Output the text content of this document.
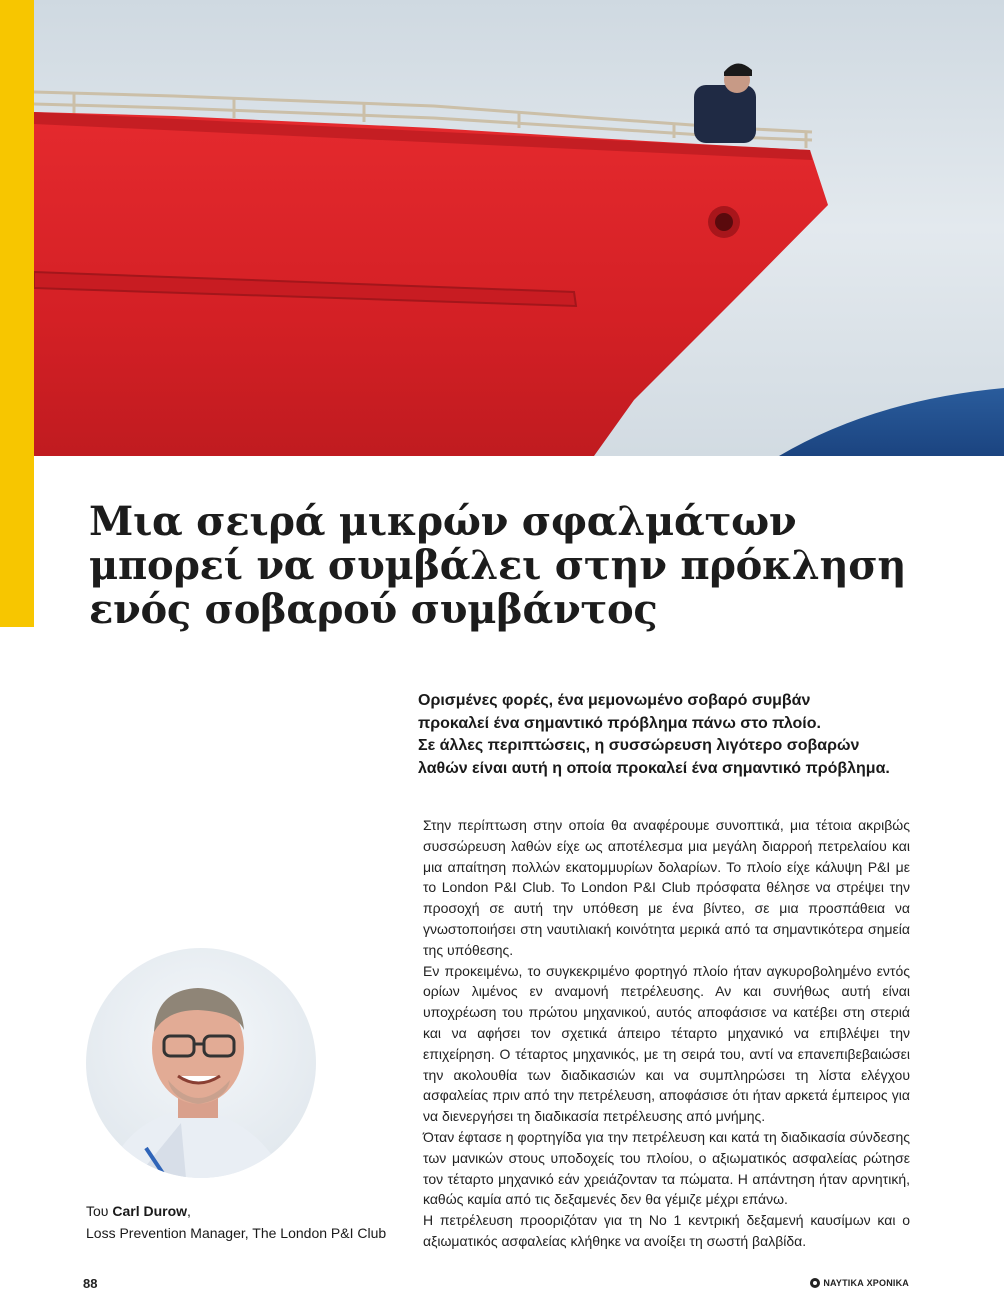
Μια σειρά μικρών σφαλμάτων
μπορεί να συμβάλει στην πρόκληση
ενός σοβαρού συμβάντος
Ορισμένες φορές, ένα μεμονωμένο σοβαρό συμβάν
προκαλεί ένα σημαντικό πρόβλημα πάνω στο πλοίο.
Σε άλλες περιπτώσεις, η συσσώρευση λιγότερο σοβαρών
λαθών είναι αυτή η οποία προκαλεί ένα σημαντικό πρόβλημα.

Στην περίπτωση στην οποία θα αναφέρουμε συνοπτικά, μια τέτοια ακριβώς συσσώρευση λαθών είχε ως αποτέλεσμα μια μεγάλη διαρροή πετρελαίου και μια απαίτηση πολλών εκατομμυρίων δολαρίων. Το πλοίο είχε κάλυψη P&I με το London P&I Club. Το London P&I Club πρόσφατα θέλησε να στρέψει την προσοχή σε αυτή την υπόθεση με ένα βίντεο, σε μια προσπάθεια να γνωστοποιήσει στη ναυτιλιακή κοινότητα μερικά από τα σημαντικότερα σημεία της υπόθεσης.

Εν προκειμένω, το συγκεκριμένο φορτηγό πλοίο ήταν αγκυροβολημένο εντός ορίων λιμένος εν αναμονή πετρέλευσης. Αν και συνήθως αυτή είναι υποχρέωση του πρώτου μηχανικού, αυτός αποφάσισε να κατέβει στη στεριά και να αφήσει τον σχετικά άπειρο τέταρτο μηχανικό να επιβλέψει την επιχείρηση. Ο τέταρτος μηχανικός, με τη σειρά του, αντί να επανεπιβεβαιώσει την ακολουθία των διαδικασιών και να συμπληρώσει τη λίστα ελέγχου ασφαλείας πριν από την πετρέλευση, αποφάσισε ότι ήταν αρκετά έμπειρος για να διενεργήσει τη διαδικασία πετρέλευσης από μνήμης.

Όταν έφτασε η φορτηγίδα για την πετρέλευση και κατά τη διαδικασία σύνδεσης των μανικών στους υποδοχείς του πλοίου, ο αξιωματικός ασφαλείας ρώτησε τον τέταρτο μηχανικό εάν χρειάζονταν τα πώματα. Η απάντηση ήταν αρνητική, καθώς καμία από τις δεξαμενές δεν θα γέμιζε μέχρι επάνω.

Η πετρέλευση προοριζόταν για τη No 1 κεντρική δεξαμενή καυσίμων και ο αξιωματικός ασφαλείας κλήθηκε να ανοίξει τη σωστή βαλβίδα.

Του Carl Durow,
Loss Prevention Manager, The London P&I Club
88	ΝΑΥΤΙΚΑ ΧΡΟΝΙΚΑ
